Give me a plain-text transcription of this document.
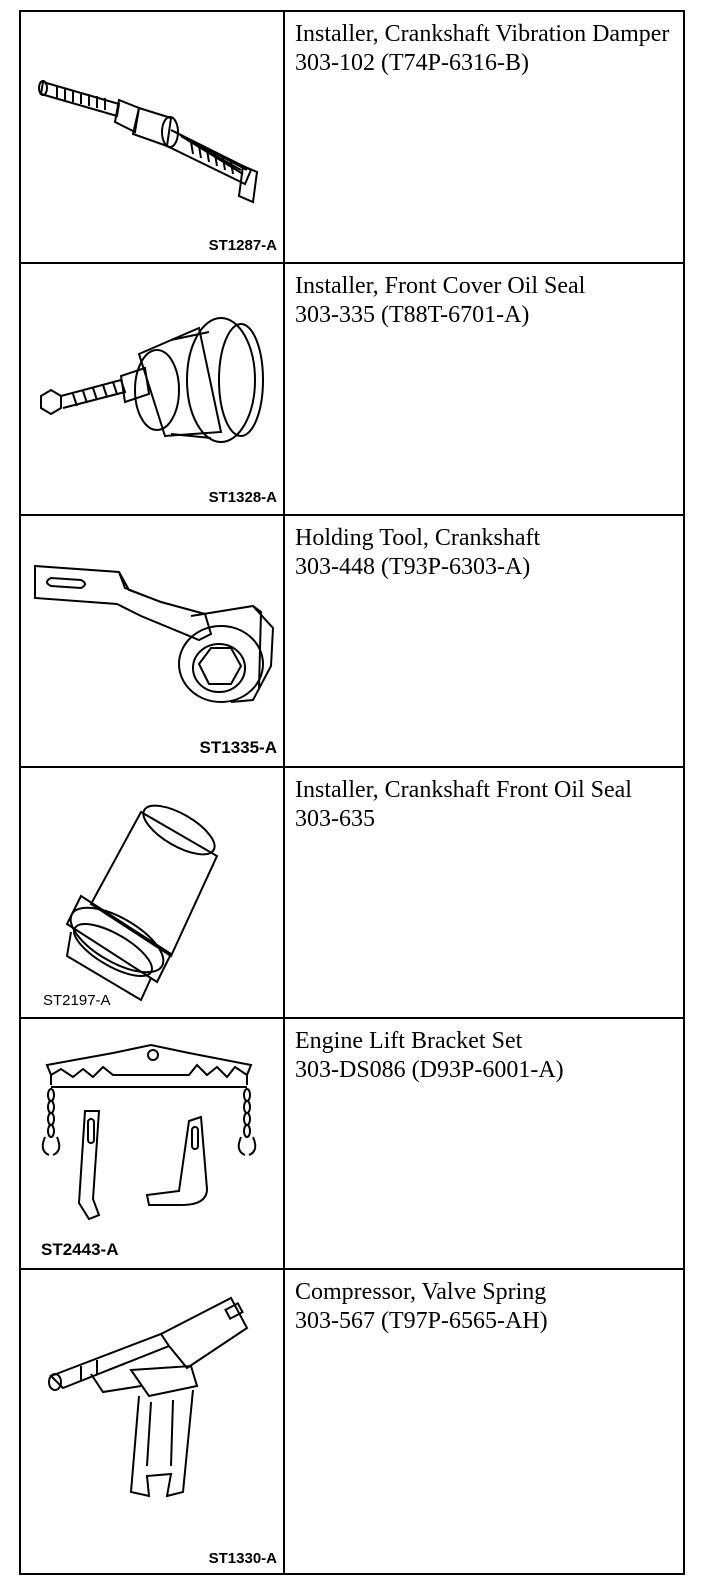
ST1287-A
Installer, Crankshaft Vibration Damper
303-102 (T74P-6316-B)
ST1328-A
Installer, Front Cover Oil Seal
303-335 (T88T-6701-A)
ST1335-A
Holding Tool, Crankshaft
303-448 (T93P-6303-A)
ST2197-A
Installer, Crankshaft Front Oil Seal
303-635
ST2443-A
Engine Lift Bracket Set
303-DS086 (D93P-6001-A)
ST1330-A
Compressor, Valve Spring
303-567 (T97P-6565-AH)
